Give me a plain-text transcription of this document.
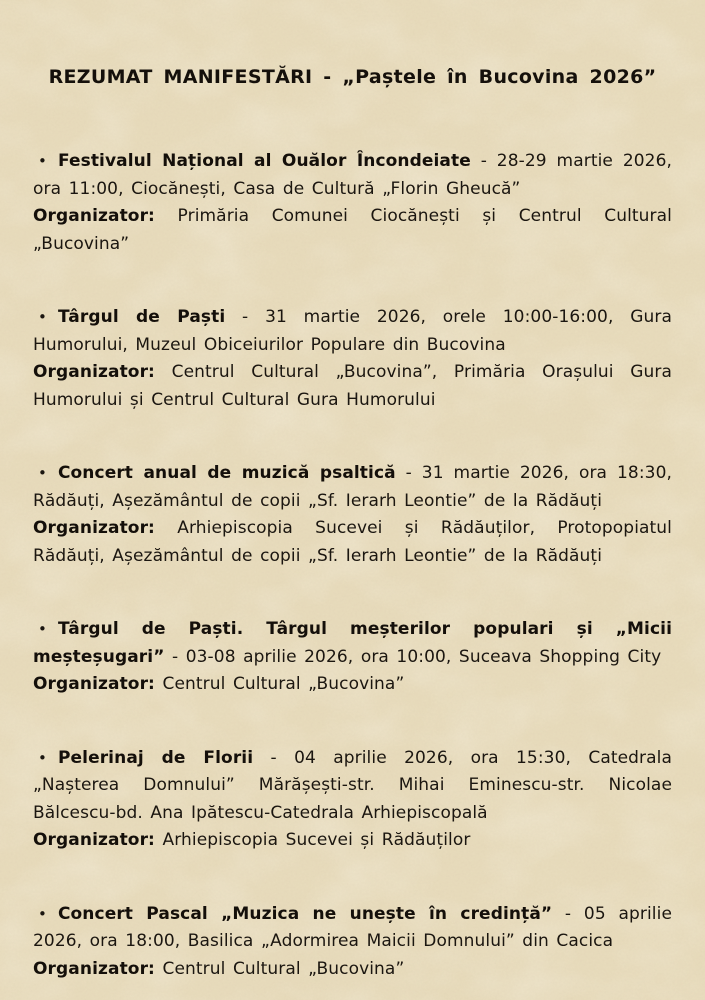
REZUMAT MANIFESTĂRI - „Paștele în Bucovina 2026”

• Festivalul Național al Ouălor Încondeiate - 28-29 martie 2026, ora 11:00, Ciocănești, Casa de Cultură „Florin Gheucă”

Organizator: Primăria Comunei Ciocănești și Centrul Cultural „Bucovina”

• Târgul de Paști - 31 martie 2026, orele 10:00-16:00, Gura Humorului, Muzeul Obiceiurilor Populare din Bucovina

Organizator: Centrul Cultural „Bucovina”, Primăria Orașului Gura Humorului și Centrul Cultural Gura Humorului

• Concert anual de muzică psaltică - 31 martie 2026, ora 18:30, Rădăuți, Așezământul de copii „Sf. Ierarh Leontie” de la Rădăuți

Organizator: Arhiepiscopia Sucevei și Rădăuților, Protopopiatul Rădăuți, Așezământul de copii „Sf. Ierarh Leontie” de la Rădăuți

• Târgul de Paști. Târgul meșterilor populari și „Micii meșteșugari” - 03-08 aprilie 2026, ora 10:00, Suceava Shopping City

Organizator: Centrul Cultural „Bucovina”

• Pelerinaj de Florii - 04 aprilie 2026, ora 15:30, Catedrala „Nașterea Domnului” Mărășești-str. Mihai Eminescu-str. Nicolae Bălcescu-bd. Ana Ipătescu-Catedrala Arhiepiscopală

Organizator: Arhiepiscopia Sucevei și Rădăuților

• Concert Pascal „Muzica ne unește în credință” - 05 aprilie 2026, ora 18:00, Basilica „Adormirea Maicii Domnului” din Cacica

Organizator: Centrul Cultural „Bucovina”
